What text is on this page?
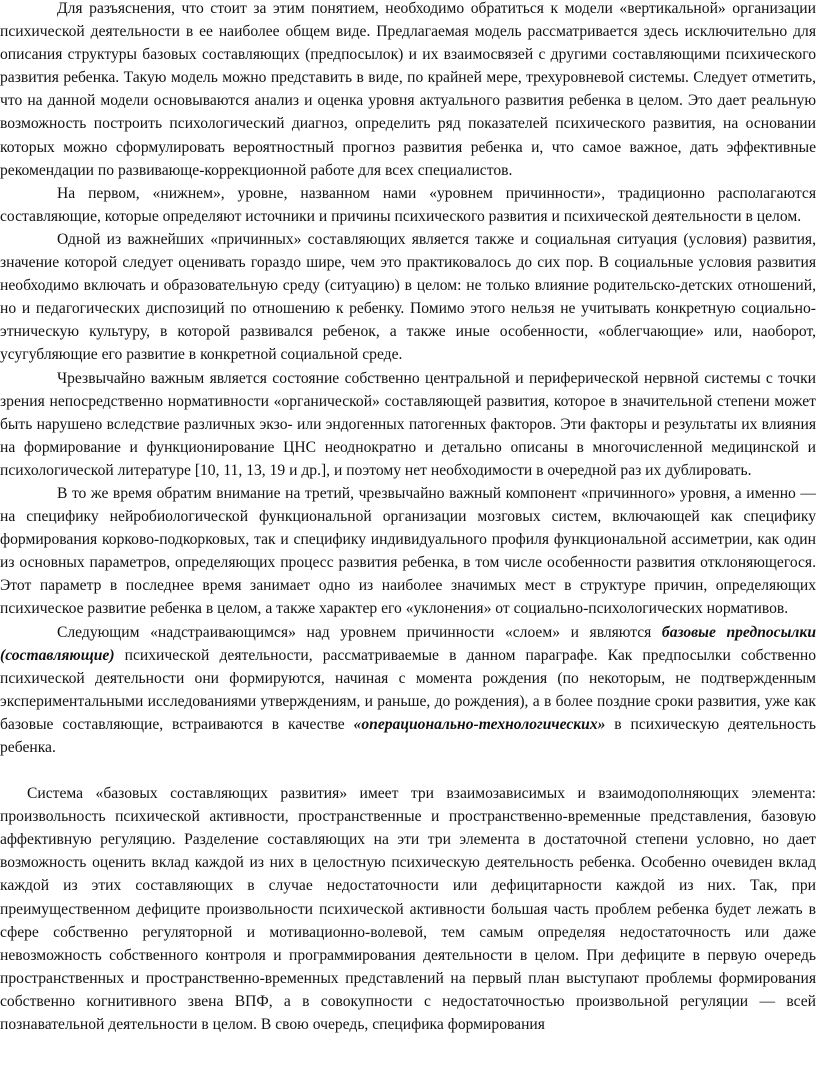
Для разъяснения, что стоит за этим понятием, необходимо обратиться к модели «вертикальной» организации психической деятельности в ее наиболее общем виде. Предлагаемая модель рассматривается здесь исключительно для описания структуры базовых составляющих (предпосылок) и их взаимосвязей с другими составляющими психического развития ребенка. Такую модель можно представить в виде, по крайней мере, трехуровневой системы. Следует отметить, что на данной модели основываются анализ и оценка уровня актуального развития ребенка в целом. Это дает реальную возможность построить психологический диагноз, определить ряд показателей психического развития, на основании которых можно сформулировать вероятностный прогноз развития ребенка и, что самое важное, дать эффективные рекомендации по развивающе-коррекционной работе для всех специалистов.

На первом, «нижнем», уровне, названном нами «уровнем причинности», традиционно располагаются составляющие, которые определяют источники и причины психического развития и психической деятельности в целом.

Одной из важнейших «причинных» составляющих является также и социальная ситуация (условия) развития, значение которой следует оценивать гораздо шире, чем это практиковалось до сих пор. В социальные условия развития необходимо включать и образовательную среду (ситуацию) в целом: не только влияние родительско-детских отношений, но и педагогических диспозиций по отношению к ребенку. Помимо этого нельзя не учитывать конкретную социально-этническую культуру, в которой развивался ребенок, а также иные особенности, «облегчающие» или, наоборот, усугубляющие его развитие в конкретной социальной среде.

Чрезвычайно важным является состояние собственно центральной и периферической нервной системы с точки зрения непосредственно нормативности «органической» составляющей развития, которое в значительной степени может быть нарушено вследствие различных экзо- или эндогенных патогенных факторов. Эти факторы и результаты их влияния на формирование и функционирование ЦНС неоднократно и детально описаны в многочисленной медицинской и психологической литературе [10, 11, 13, 19 и др.], и поэтому нет необходимости в очередной раз их дублировать.

В то же время обратим внимание на третий, чрезвычайно важный компонент «причинного» уровня, а именно — на специфику нейробиологической функциональной организации мозговых систем, включающей как специфику формирования корково-подкорковых, так и специфику индивидуального профиля функциональной ассиметрии, как один из основных параметров, определяющих процесс развития ребенка, в том числе особенности развития отклоняющегося. Этот параметр в последнее время занимает одно из наиболее значимых мест в структуре причин, определяющих психическое развитие ребенка в целом, а также характер его «уклонения» от социально-психологических нормативов.

Следующим «надстраивающимся» над уровнем причинности «слоем» и являются базовые предпосылки (составляющие) психической деятельности, рассматриваемые в данном параграфе. Как предпосылки собственно психической деятельности они формируются, начиная с момента рождения (по некоторым, не подтвержденным экспериментальными исследованиями утверждениям, и раньше, до рождения), а в более поздние сроки развития, уже как базовые составляющие, встраиваются в качестве «операционально-технологических» в психическую деятельность ребенка.

Система «базовых составляющих развития» имеет три взаимозависимых и взаимодополняющих элемента: произвольность психической активности, пространственные и пространственно-временные представления, базовую аффективную регуляцию. Разделение составляющих на эти три элемента в достаточной степени условно, но дает возможность оценить вклад каждой из них в целостную психическую деятельность ребенка. Особенно очевиден вклад каждой из этих составляющих в случае недостаточности или дефицитарности каждой из них. Так, при преимущественном дефиците произвольности психической активности большая часть проблем ребенка будет лежать в сфере собственно регуляторной и мотивационно-волевой, тем самым определяя недостаточность или даже невозможность собственного контроля и программирования деятельности в целом. При дефиците в первую очередь пространственных и пространственно-временных представлений на первый план выступают проблемы формирования собственно когнитивного звена ВПФ, а в совокупности с недостаточностью произвольной регуляции — всей познавательной деятельности в целом. В свою очередь, специфика формирования
